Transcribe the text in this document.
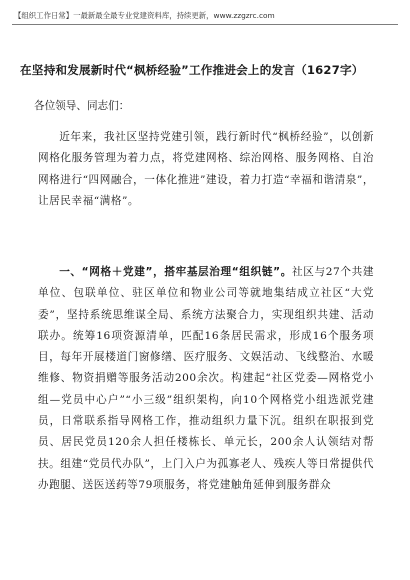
【组织工作日常】一最新最全最专业党建资料库，持续更新，www.zzgzrc.com
在坚持和发展新时代“枫桥经验”工作推进会上的发言（1627字）
各位领导、同志们：
近年来，我社区坚持党建引领，践行新时代“枫桥经验”，以创新网格化服务管理为着力点，将党建网格、综治网格、服务网格、自治网格进行“四网融合，一体化推进”建设，着力打造“幸福和谐清泉”，让居民幸福“满格”。
一、“网格＋党建”，搭牢基层治理“组织链”。社区与27个共建单位、包联单位、驻区单位和物业公司等就地集结成立社区“大党委”，坚持系统思维谋全局、系统方法聚合力，实现组织共建、活动联办。统筹16项资源清单，匹配16条居民需求，形成16个服务项目，每年开展楼道门窗修缮、医疗服务、文娱活动、飞线整治、水暖维修、物资捐赠等服务活动200余次。构建起“社区党委—网格党小组—党员中心户”“小三级”组织架构，向10个网格党小组选派党建员，日常联系指导网格工作，推动组织力量下沉。组织在职报到党员、居民党员120余人担任楼栋长、单元长，200余人认领结对帮扶。组建“党员代办队”，上门入户为孤寡老人、残疾人等日常提供代办跑腿、送医送药等79项服务，将党建触角延伸到服务群众
